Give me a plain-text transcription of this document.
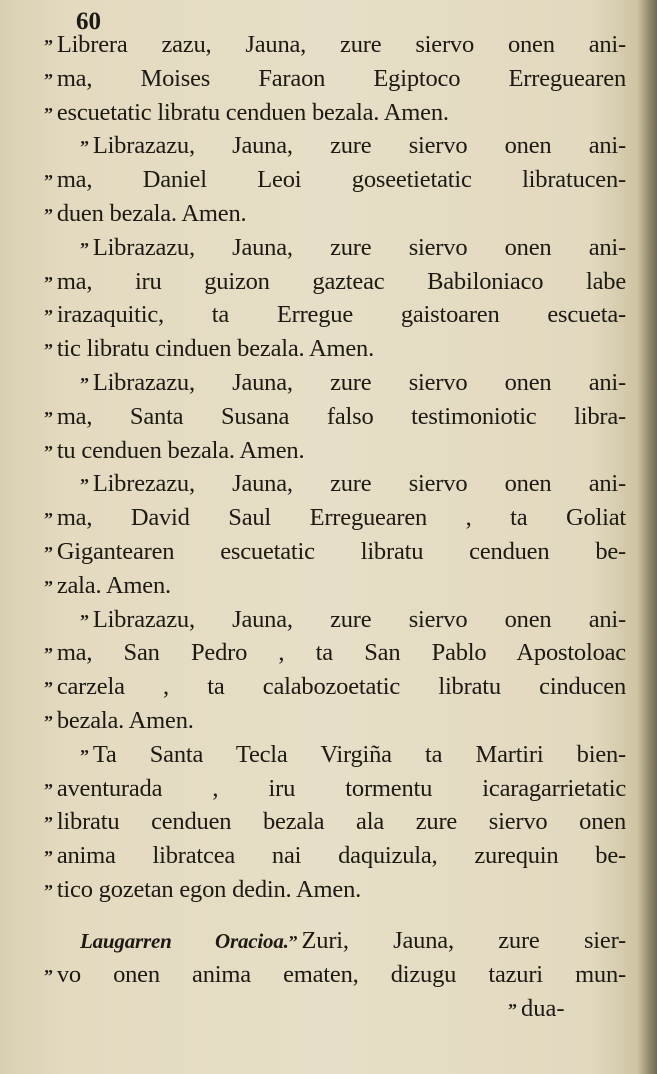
60
” Librera zazu, Jauna, zure siervo onen ani-
” ma, Moises Faraon Egiptoco Erreguearen
” escuetatic libratu cenduen bezala. Amen.
” Librazazu, Jauna, zure siervo onen ani-
” ma, Daniel Leoi goseetietatic libratucen-
” duen bezala. Amen.
” Librazazu, Jauna, zure siervo onen ani-
” ma, iru guizon gazteac Babiloniaco labe
” irazaquitic, ta Erregue gaistoaren escueta-
” tic libratu cinduen bezala. Amen.
” Librazazu, Jauna, zure siervo onen ani-
” ma, Santa Susana falso testimoniotic libra-
” tu cenduen bezala. Amen.
” Librezazu, Jauna, zure siervo onen ani-
” ma, David Saul Erreguearen , ta Goliat
” Gigantearen escuetatic libratu cenduen be-
” zala. Amen.
” Librazazu, Jauna, zure siervo onen ani-
” ma, San Pedro , ta San Pablo Apostoloac
” carzela , ta calabozoetatic libratu cinducen
” bezala. Amen.
” Ta Santa Tecla Virgiña ta Martiri bien-
” aventurada , iru tormentu icaragarrietatic
” libratu cenduen bezala ala zure siervo onen
” anima libratcea nai daquizula, zurequin be-
” tico gozetan egon dedin. Amen.
Laugarren Oracioa.” Zuri, Jauna, zure sier-
” vo onen anima ematen, dizugu tazuri mun-
” dua-
